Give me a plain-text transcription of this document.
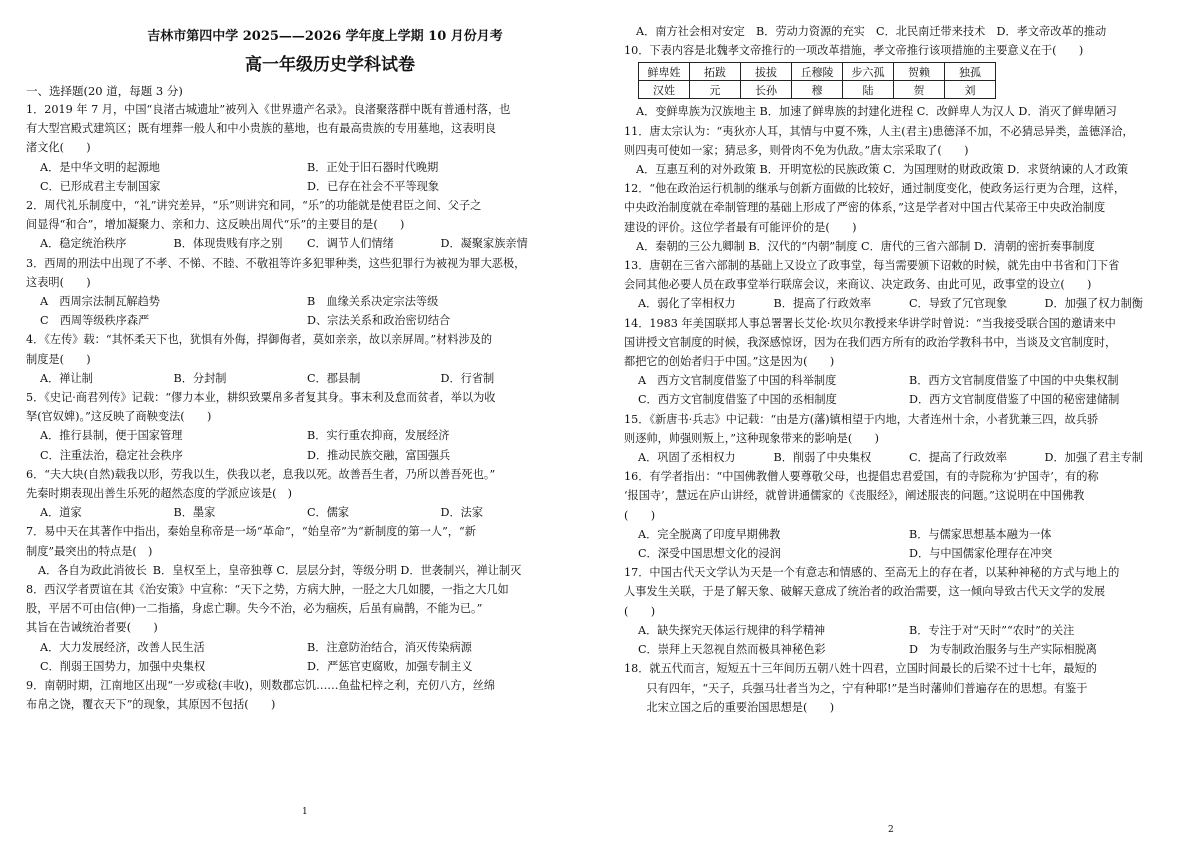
吉林市第四中学 2025——2026 学年度上学期 10 月份月考
高一年级历史学科试卷
一、选择题(20 道，每题 3 分)
1．2019 年 7 月，中国“良渚古城遗址”被列入《世界遗产名录》。良渚聚落群中既有普通村落，也
有大型宫殿式建筑区；既有埋葬一般人和中小贵族的墓地，也有最高贵族的专用墓地，这表明良
渚文化(　　)
A．是中华文明的起源地	B．正处于旧石器时代晚期
C．已形成君主专制国家	D．已存在社会不平等现象
2．周代礼乐制度中，“礼”讲究差异，“乐”则讲究和同，“乐”的功能就是使君臣之间、父子之
间显得“和合”，增加凝聚力、亲和力、这反映出周代“乐”的主要目的是(　　)
A．稳定统治秩序	B．体现贵贱有序之别	C．调节人们情绪	D．凝聚家族亲情
3．西周的刑法中出现了不孝、不悌、不睦、不敬祖等许多犯罪种类，这些犯罪行为被视为罪大恶极，
这表明(　　)
A　西周宗法制瓦解趋势	B　血缘关系决定宗法等级
C　西周等级秩序森严	D、宗法关系和政治密切结合
4．《左传》载：“其怀柔天下也，犹惧有外侮，捍御侮者，莫如亲亲，故以亲屏周。”材料涉及的
制度是(　　)
A．禅让制	B．分封制	C．郡县制	D．行省制
5．《史记·商君列传》记载：“僇力本业，耕织致粟帛多者复其身。事末利及怠而贫者，举以为收
孥(官奴婢)。”这反映了商鞅变法(　　)
A．推行县制，便于国家管理	B．实行重农抑商，发展经济
C．注重法治，稳定社会秩序	D．推动民族交融，富国强兵
6．“夫大块(自然)载我以形，劳我以生，佚我以老，息我以死。故善吾生者，乃所以善吾死也。”
先秦时期表现出善生乐死的超然态度的学派应该是(　)
A．道家	B．墨家	C．儒家	D．法家
7．易中天在其著作中指出，秦始皇称帝是一场“革命”，“始皇帝”为“新制度的第一人”，“新
制度”最突出的特点是(　)
A．各自为政此消彼长 B．皇权至上，皇帝独尊 C．层层分封，等级分明 D．世袭制兴，禅让制灭
8．西汉学者贾谊在其《治安策》中宣称：“天下之势，方病大肿，一胫之大几如腰，一指之大几如
股，平居不可由信(伸)一二指搐，身虑亡聊。失今不治，必为痼疾，后虽有扁鹊，不能为已。”
其旨在告诫统治者要(　　)
A．大力发展经济，改善人民生活	B．注意防治结合，消灭传染病源
C．削弱王国势力，加强中央集权	D．严惩官吏腐败，加强专制主义
9．南朝时期，江南地区出现“一岁或稔(丰收)，则数郡忘饥……鱼盐杞梓之利，充仞八方，丝绵
布帛之饶，覆衣天下”的现象，其原因不包括(　　)
1
A．南方社会相对安定　B．劳动力资源的充实　C．北民南迁带来技术　D．孝文帝改革的推动
10．下表内容是北魏孝文帝推行的一项改革措施，孝文帝推行该项措施的主要意义在于(　　)
鲜卑姓	拓跋	拔拔	丘穆陵	步六孤	贺赖	独孤
汉姓	元	长孙	穆	陆	贺	刘
A．变鲜卑族为汉族地主 B．加速了鲜卑族的封建化进程 C．改鲜卑人为汉人 D．消灭了鲜卑陋习
11．唐太宗认为：“夷狄亦人耳，其情与中夏不殊，人主(君主)患德泽不加，不必猜忌异类，盖德泽洽，
则四夷可使如一家；猜忌多，则骨肉不免为仇敌。”唐太宗采取了(　　)
A．互惠互利的对外政策 B．开明宽松的民族政策 C．为国理财的财政政策 D．求贤纳谏的人才政策
12．“他在政治运行机制的继承与创新方面做的比较好，通过制度变化，使政务运行更为合理，这样，
中央政治制度就在牵制管理的基础上形成了严密的体系，”这是学者对中国古代某帝王中央政治制度
建设的评价。这位学者最有可能评价的是(　　)
A．秦朝的三公九卿制 B．汉代的“内朝”制度 C．唐代的三省六部制 D．清朝的密折奏事制度
13．唐朝在三省六部制的基础上又设立了政事堂，每当需要颁下诏敕的时候，就先由中书省和门下省
会同其他必要人员在政事堂举行联席会议，来商议、决定政务、由此可见，政事堂的设立(　　)
A．弱化了宰相权力	B．提高了行政效率	C．导致了冗官现象	D．加强了权力制衡
14．1983 年美国联邦人事总署署长艾伦·坎贝尔教授来华讲学时曾说：“当我接受联合国的邀请来中
国讲授文官制度的时候，我深感惊讶，因为在我们西方所有的政治学教科书中，当谈及文官制度时，
都把它的创始者归于中国。”这是因为(　　)
A　西方文官制度借鉴了中国的科举制度	B．西方文官制度借鉴了中国的中央集权制
C．西方文官制度借鉴了中国的丞相制度	D．西方文官制度借鉴了中国的秘密建储制
15．《新唐书·兵志》中记载：“由是方(藩)镇相望于内地，大者连州十余，小者犹兼三四，故兵骄
则逐帅，帅强则叛上，”这种现象带来的影响是(　　)
A．巩固了丞相权力	B．削弱了中央集权	C．提高了行政效率	D．加强了君主专制
16．有学者指出：“中国佛教僧人要尊敬父母，也提倡忠君爱国，有的寺院称为‘护国寺’，有的称
‘报国寺’，慧远在庐山讲经，就曾讲通儒家的《丧服经》，阐述服丧的问题。”这说明在中国佛教
(　　)
A．完全脱离了印度早期佛教	B．与儒家思想基本融为一体
C．深受中国思想文化的浸润	D．与中国儒家伦理存在冲突
17．中国古代天文学认为天是一个有意志和情感的、至高无上的存在者，以某种神秘的方式与地上的
人事发生关联，于是了解天象、破解天意成了统治者的政治需要，这一倾向导致古代天文学的发展
(　　)
A．缺失探究天体运行规律的科学精神	B．专注于对“天时”“农时”的关注
C．崇拜上天忽视自然而极具神秘色彩	D　为专制政治服务与生产实际相脱离
18．就五代而言，短短五十三年间历五朝八姓十四君，立国时间最长的后梁不过十七年，最短的
　　只有四年，“天子，兵强马壮者当为之，宁有种耶!”是当时藩帅们普遍存在的思想。有鉴于
　　北宋立国之后的重要治国思想是(　　)
2
